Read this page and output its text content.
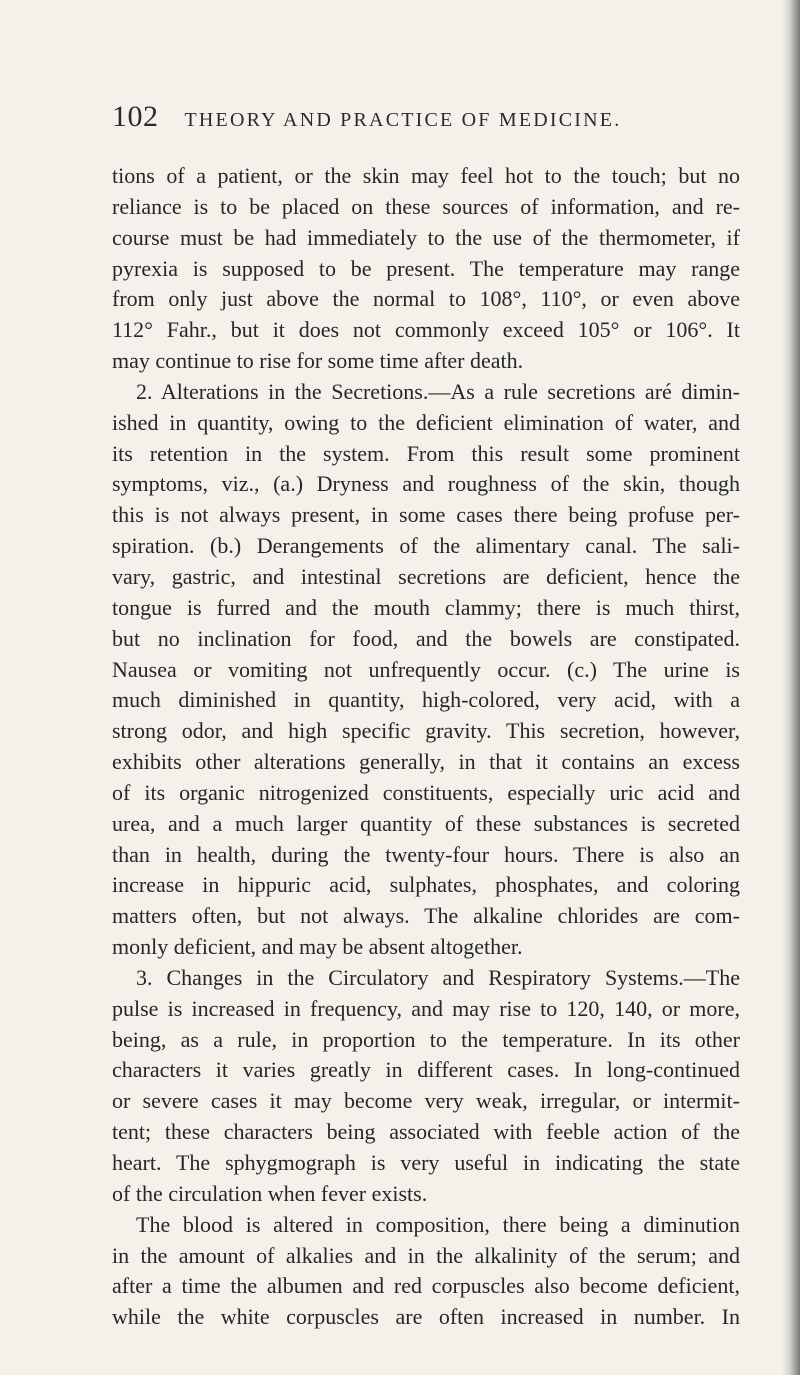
102 THEORY AND PRACTICE OF MEDICINE.
tions of a patient, or the skin may feel hot to the touch; but no
reliance is to be placed on these sources of information, and re-
course must be had immediately to the use of the thermometer, if
pyrexia is supposed to be present. The temperature may range
from only just above the normal to 108°, 110°, or even above
112° Fahr., but it does not commonly exceed 105° or 106°. It
may continue to rise for some time after death.
2. Alterations in the Secretions.—As a rule secretions aré dimin-
ished in quantity, owing to the deficient elimination of water, and
its retention in the system. From this result some prominent
symptoms, viz., (a.) Dryness and roughness of the skin, though
this is not always present, in some cases there being profuse per-
spiration. (b.) Derangements of the alimentary canal. The sali-
vary, gastric, and intestinal secretions are deficient, hence the
tongue is furred and the mouth clammy; there is much thirst,
but no inclination for food, and the bowels are constipated.
Nausea or vomiting not unfrequently occur. (c.) The urine is
much diminished in quantity, high-colored, very acid, with a
strong odor, and high specific gravity. This secretion, however,
exhibits other alterations generally, in that it contains an excess
of its organic nitrogenized constituents, especially uric acid and
urea, and a much larger quantity of these substances is secreted
than in health, during the twenty-four hours. There is also an
increase in hippuric acid, sulphates, phosphates, and coloring
matters often, but not always. The alkaline chlorides are com-
monly deficient, and may be absent altogether.
3. Changes in the Circulatory and Respiratory Systems.—The
pulse is increased in frequency, and may rise to 120, 140, or more,
being, as a rule, in proportion to the temperature. In its other
characters it varies greatly in different cases. In long-continued
or severe cases it may become very weak, irregular, or intermit-
tent; these characters being associated with feeble action of the
heart. The sphygmograph is very useful in indicating the state
of the circulation when fever exists.
The blood is altered in composition, there being a diminution
in the amount of alkalies and in the alkalinity of the serum; and
after a time the albumen and red corpuscles also become deficient,
while the white corpuscles are often increased in number. In
